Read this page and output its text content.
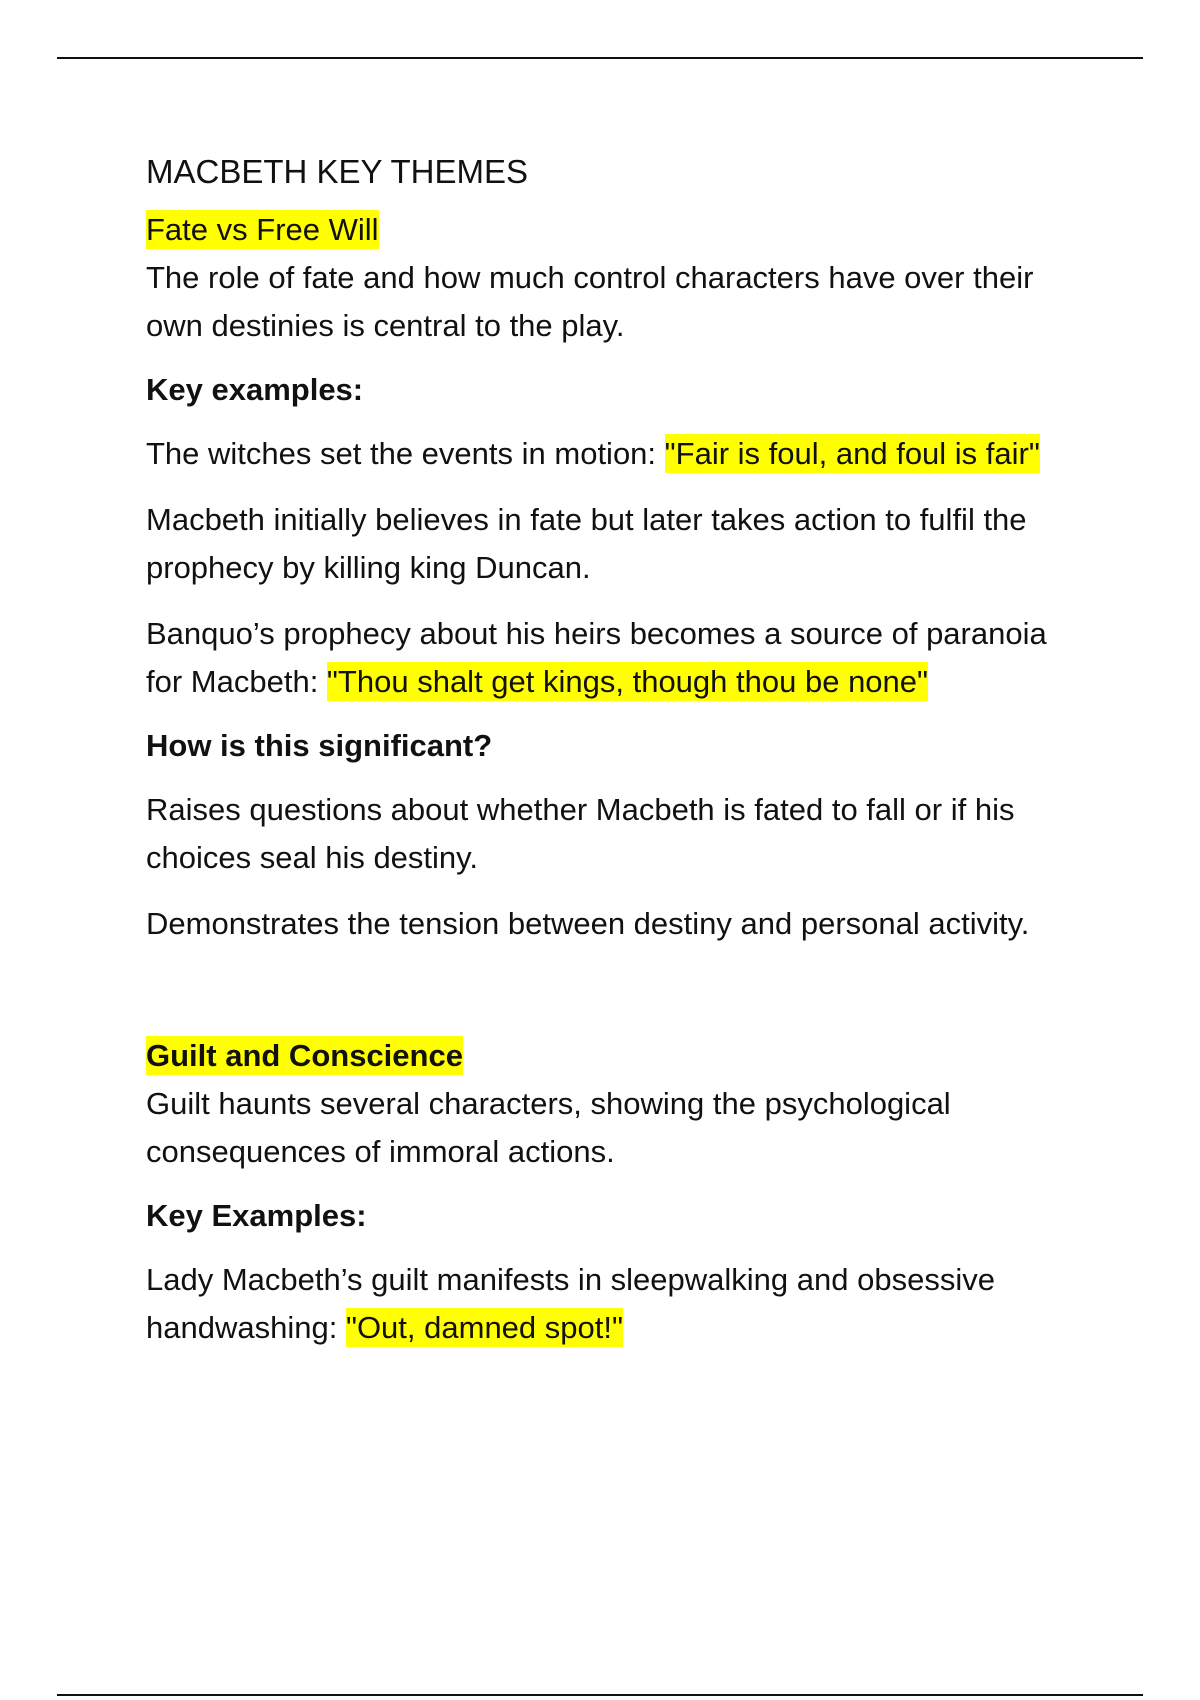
MACBETH KEY THEMES

Fate vs Free Will

The role of fate and how much control characters have over their own destinies is central to the play.

Key examples:

The witches set the events in motion: "Fair is foul, and foul is fair"

Macbeth initially believes in fate but later takes action to fulfil the prophecy by killing king Duncan.

Banquo’s prophecy about his heirs becomes a source of paranoia for Macbeth: "Thou shalt get kings, though thou be none"

How is this significant?

Raises questions about whether Macbeth is fated to fall or if his choices seal his destiny.

Demonstrates the tension between destiny and personal activity.

Guilt and Conscience

Guilt haunts several characters, showing the psychological consequences of immoral actions.

Key Examples:

Lady Macbeth’s guilt manifests in sleepwalking and obsessive handwashing: "Out, damned spot!"
